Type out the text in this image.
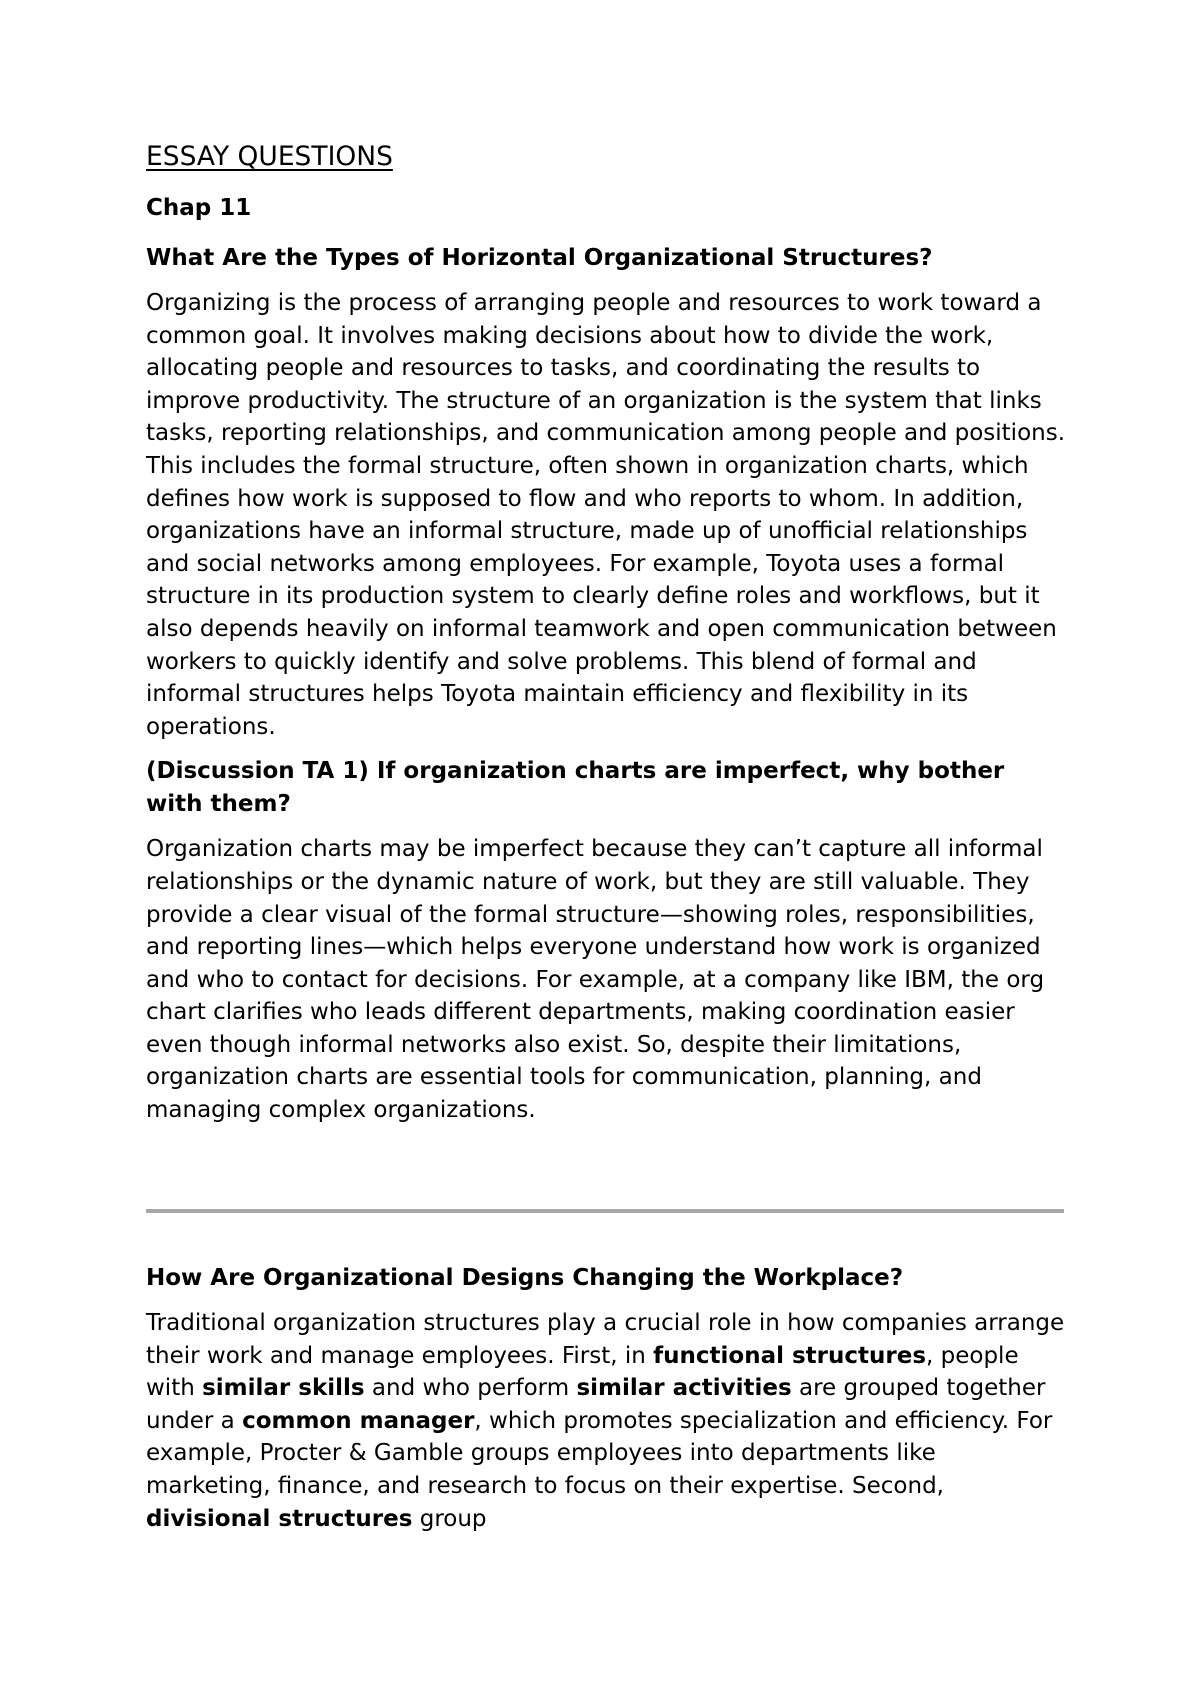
ESSAY QUESTIONS
Chap 11
What Are the Types of Horizontal Organizational Structures?
Organizing is the process of arranging people and resources to work toward a common goal. It involves making decisions about how to divide the work, allocating people and resources to tasks, and coordinating the results to improve productivity. The structure of an organization is the system that links tasks, reporting relationships, and communication among people and positions. This includes the formal structure, often shown in organization charts, which defines how work is supposed to flow and who reports to whom. In addition, organizations have an informal structure, made up of unofficial relationships and social networks among employees. For example, Toyota uses a formal structure in its production system to clearly define roles and workflows, but it also depends heavily on informal teamwork and open communication between workers to quickly identify and solve problems. This blend of formal and informal structures helps Toyota maintain efficiency and flexibility in its operations.
(Discussion TA 1) If organization charts are imperfect, why bother with them?
Organization charts may be imperfect because they can’t capture all informal relationships or the dynamic nature of work, but they are still valuable. They provide a clear visual of the formal structure—showing roles, responsibilities, and reporting lines—which helps everyone understand how work is organized and who to contact for decisions. For example, at a company like IBM, the org chart clarifies who leads different departments, making coordination easier even though informal networks also exist. So, despite their limitations, organization charts are essential tools for communication, planning, and managing complex organizations.
How Are Organizational Designs Changing the Workplace?
Traditional organization structures play a crucial role in how companies arrange their work and manage employees. First, in functional structures, people with similar skills and who perform similar activities are grouped together under a common manager, which promotes specialization and efficiency. For example, Procter & Gamble groups employees into departments like marketing, finance, and research to focus on their expertise. Second, divisional structures group
